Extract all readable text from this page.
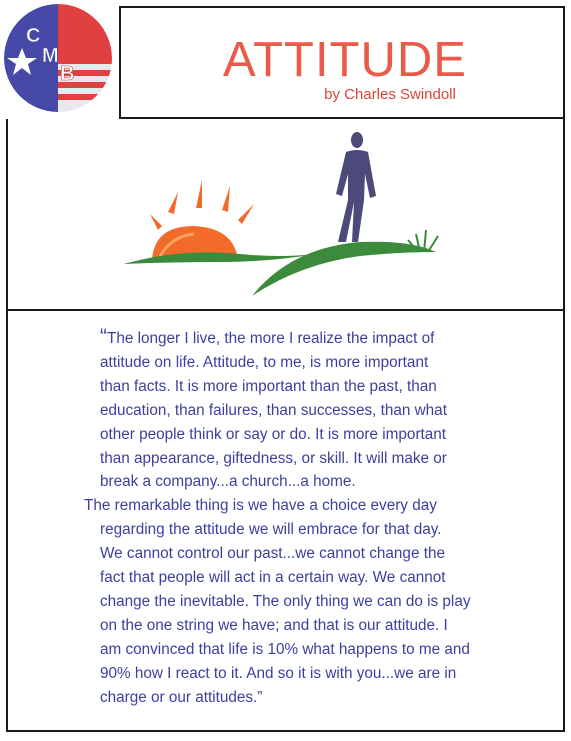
C
M
B	ATTITUDE
by Charles Swindoll

“The longer I live, the more I realize the impact of

attitude on life. Attitude, to me, is more important

than facts. It is more important than the past, than

education, than failures, than successes, than what

other people think or say or do. It is more important

than appearance, giftedness, or skill. It will make or

break a company...a church...a home.

The remarkable thing is we have a choice every day

regarding the attitude we will embrace for that day.

We cannot control our past...we cannot change the

fact that people will act in a certain way. We cannot

change the inevitable. The only thing we can do is play

on the one string we have; and that is our attitude. I

am convinced that life is 10% what happens to me and

90% how I react to it. And so it is with you...we are in

charge or our attitudes.”
